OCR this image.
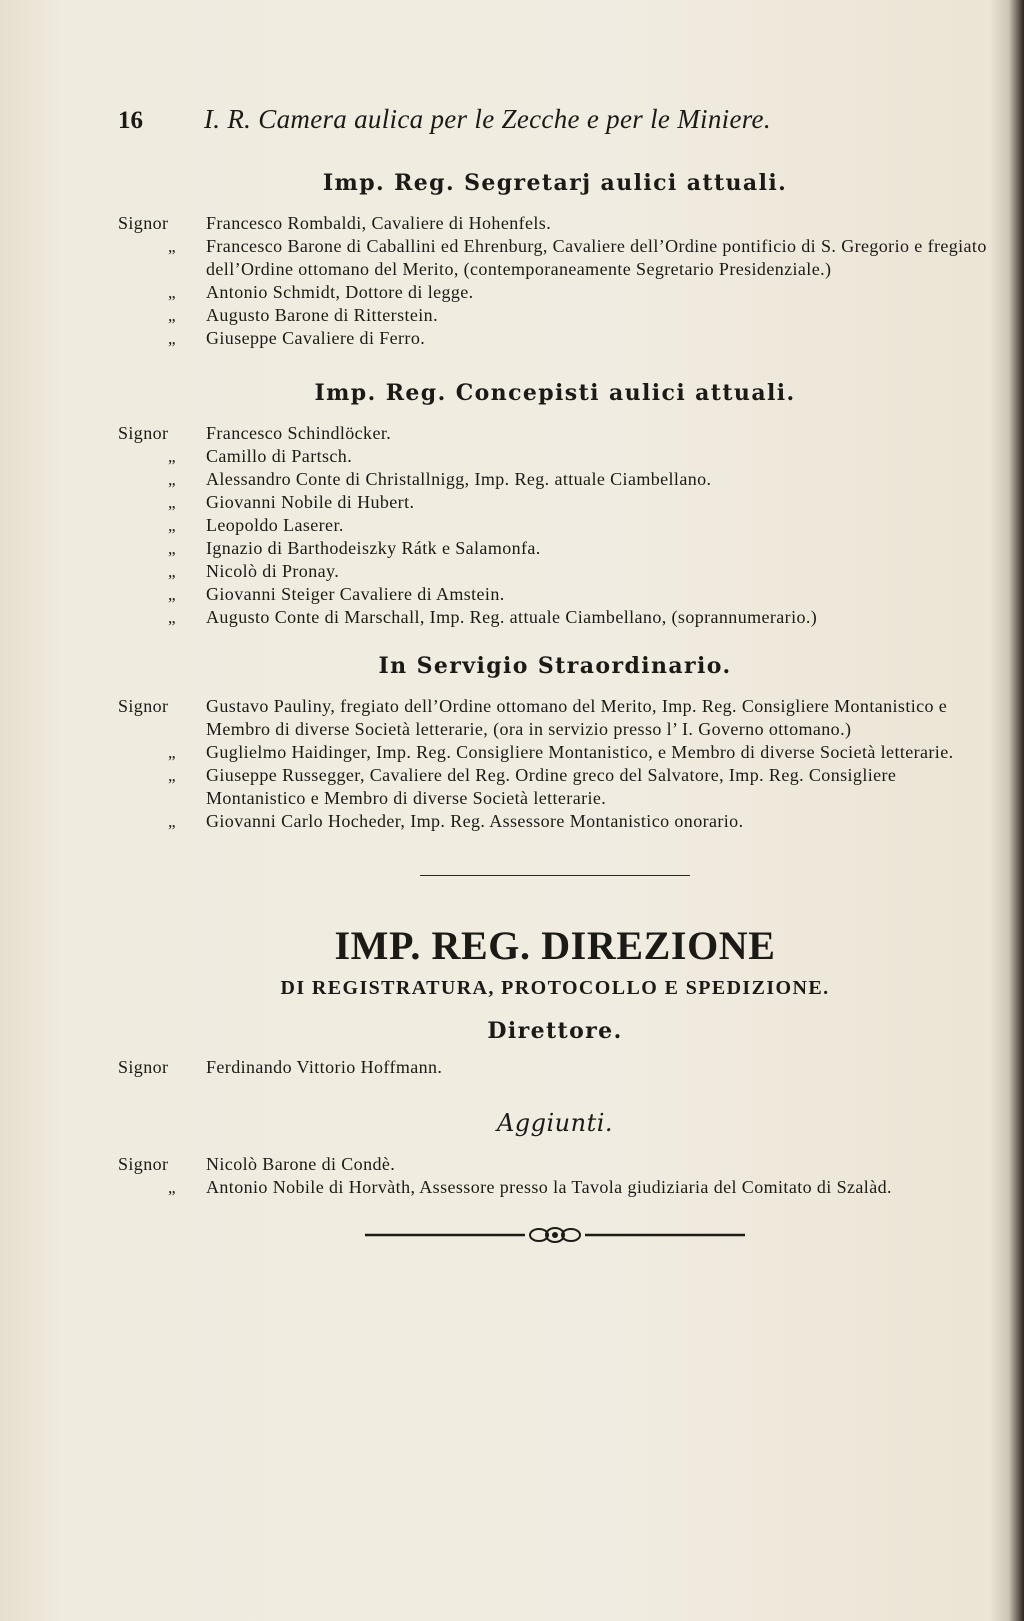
16	I. R. Camera aulica per le Zecche e per le Miniere.
Imp. Reg. Segretarj aulici attuali.
Signor	Francesco Rombaldi, Cavaliere di Hohenfels.
„	Francesco Barone di Caballini ed Ehrenburg, Cavaliere dell’Ordine pontificio di S. Gregorio e fregiato dell’Ordine ottomano del Merito, (contemporaneamente Segretario Presidenziale.)
„	Antonio Schmidt, Dottore di legge.
„	Augusto Barone di Ritterstein.
„	Giuseppe Cavaliere di Ferro.
Imp. Reg. Concepisti aulici attuali.
Signor	Francesco Schindlöcker.
„	Camillo di Partsch.
„	Alessandro Conte di Christallnigg, Imp. Reg. attuale Ciambellano.
„	Giovanni Nobile di Hubert.
„	Leopoldo Laserer.
„	Ignazio di Barthodeiszky Rátk e Salamonfa.
„	Nicolò di Pronay.
„	Giovanni Steiger Cavaliere di Amstein.
„	Augusto Conte di Marschall, Imp. Reg. attuale Ciambellano, (soprannumerario.)
In Servigio Straordinario.
Signor	Gustavo Pauliny, fregiato dell’Ordine ottomano del Merito, Imp. Reg. Consigliere Montanistico e Membro di diverse Società letterarie, (ora in servizio presso l’ I. Governo ottomano.)
„	Guglielmo Haidinger, Imp. Reg. Consigliere Montanistico, e Membro di diverse Società letterarie.
„	Giuseppe Russegger, Cavaliere del Reg. Ordine greco del Salvatore, Imp. Reg. Consigliere Montanistico e Membro di diverse Società letterarie.
„	Giovanni Carlo Hocheder, Imp. Reg. Assessore Montanistico onorario.
IMP. REG. DIREZIONE
DI REGISTRATURA, PROTOCOLLO E SPEDIZIONE.
Direttore.
Signor	Ferdinando Vittorio Hoffmann.
Aggiunti.
Signor	Nicolò Barone di Condè.
„	Antonio Nobile di Horvàth, Assessore presso la Tavola giudiziaria del Comitato di Szalàd.
